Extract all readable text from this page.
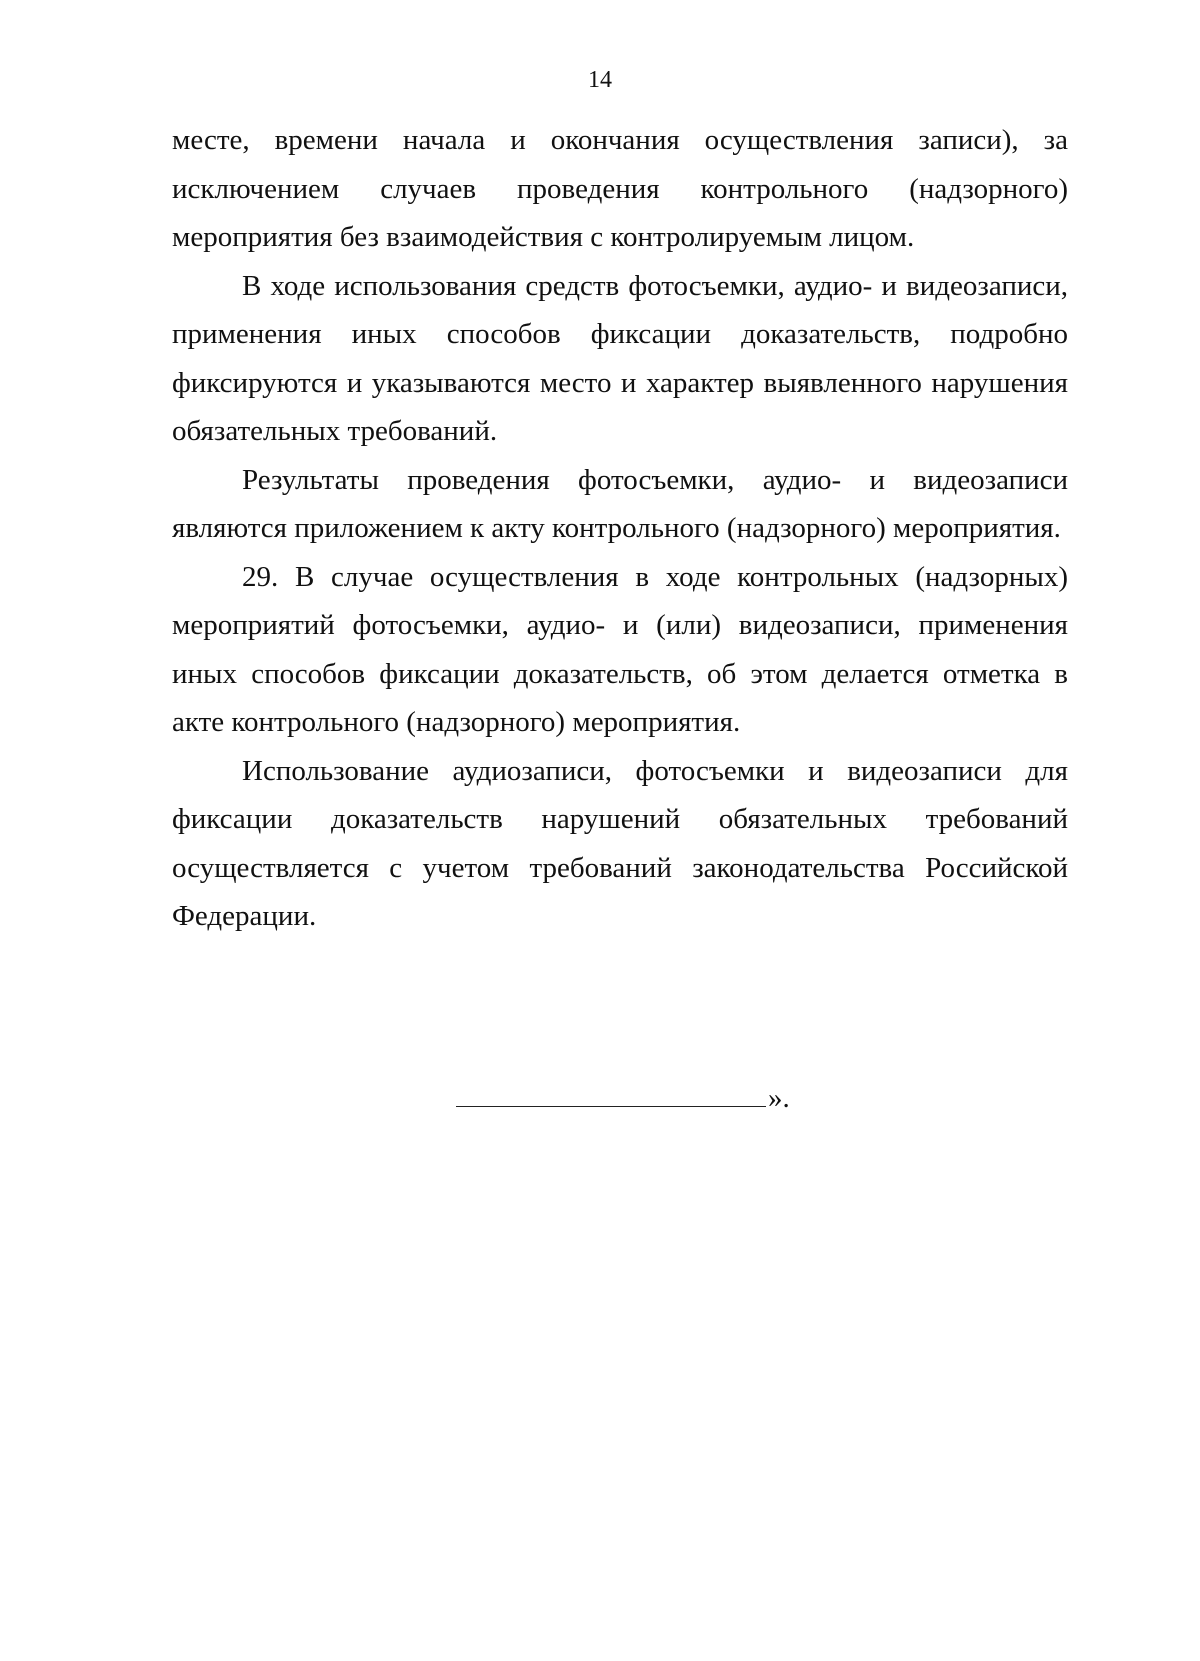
14

месте, времени начала и окончания осуществления записи), за исключением случаев проведения контрольного (надзорного) мероприятия без взаимодействия с контролируемым лицом.

В ходе использования средств фотосъемки, аудио- и видеозаписи, применения иных способов фиксации доказательств, подробно фиксируются и указываются место и характер выявленного нарушения обязательных требований.

Результаты проведения фотосъемки, аудио- и видеозаписи являются приложением к акту контрольного (надзорного) мероприятия.

29. В случае осуществления в ходе контрольных (надзорных) мероприятий фотосъемки, аудио- и (или) видеозаписи, применения иных способов фиксации доказательств, об этом делается отметка в акте контрольного (надзорного) мероприятия.

Использование аудиозаписи, фотосъемки и видеозаписи для фиксации доказательств нарушений обязательных требований осуществляется с учетом требований законодательства Российской Федерации.

».
